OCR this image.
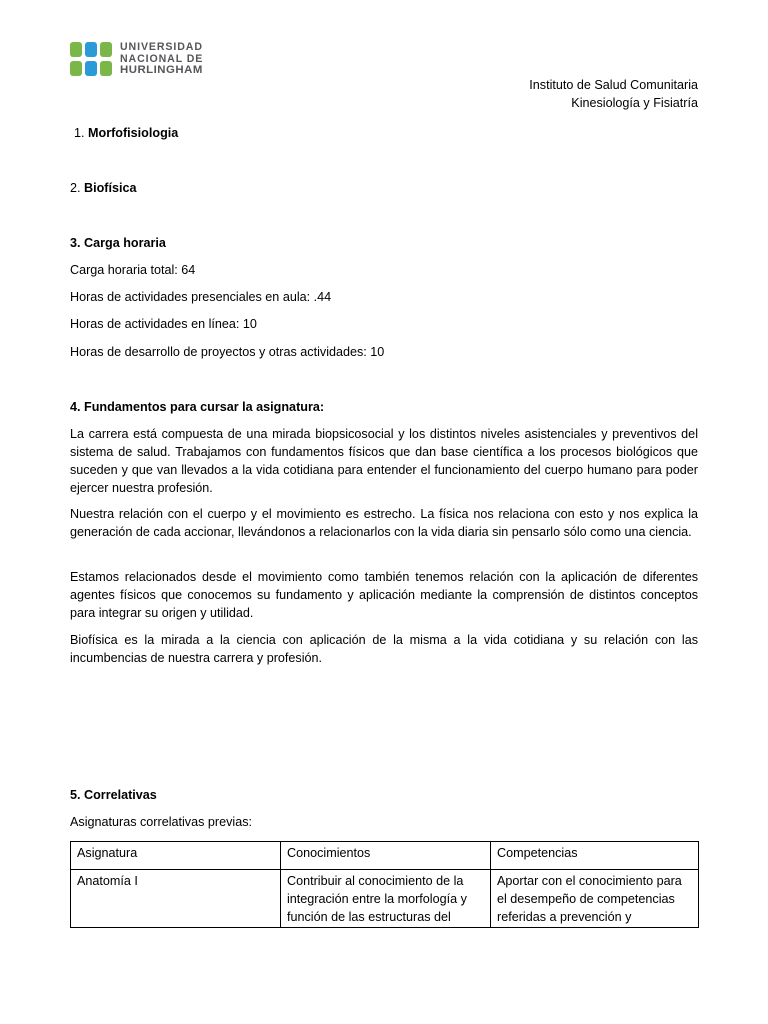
UNIVERSIDAD
NACIONAL DE
HURLINGHAM
Instituto de Salud Comunitaria
Kinesiología y Fisiatría
1. Morfofisiologia
2. Biofísica
3. Carga horaria
Carga horaria total: 64
Horas de actividades presenciales en aula: .44
Horas de actividades en línea: 10
Horas de desarrollo de proyectos y otras actividades: 10
4. Fundamentos para cursar la asignatura:
La carrera está compuesta de una mirada biopsicosocial y los distintos niveles asistenciales y preventivos del sistema de salud. Trabajamos con fundamentos físicos que dan base científica a los procesos biológicos que suceden y que van llevados a la vida cotidiana para entender el funcionamiento del cuerpo humano para poder ejercer nuestra profesión.
Nuestra relación con el cuerpo y el movimiento es estrecho. La física nos relaciona con esto y nos explica la generación de cada accionar, llevándonos a relacionarlos con la vida diaria sin pensarlo sólo como una ciencia.
Estamos relacionados desde el movimiento como también tenemos relación con la aplicación de diferentes agentes físicos que conocemos su fundamento y aplicación mediante la comprensión de distintos conceptos para integrar su origen y utilidad.
Biofísica es la mirada a la ciencia con aplicación de la misma a la vida cotidiana y su relación con las incumbencias de nuestra carrera y profesión.
5. Correlativas
Asignaturas correlativas previas:
Asignatura	Conocimientos	Competencias

Anatomía I	Contribuir al conocimiento de la integración entre la morfología y función de las estructuras del	Aportar con el conocimiento para el desempeño de competencias referidas a prevención y
